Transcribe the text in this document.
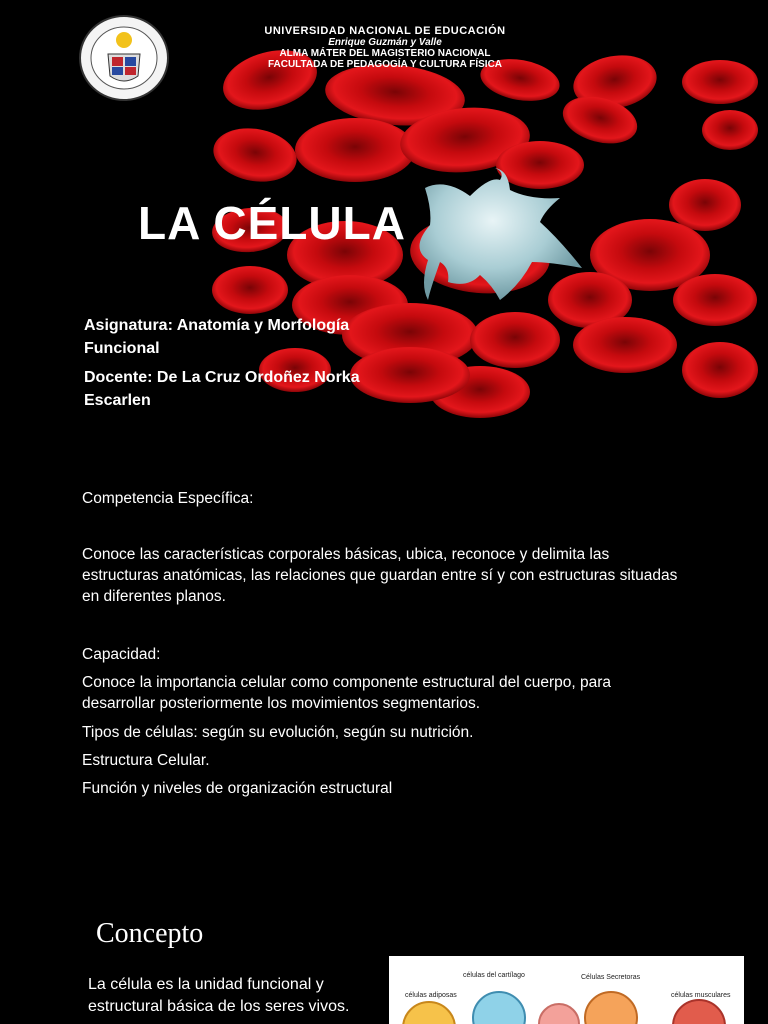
UNIVERSIDAD NACIONAL DE EDUCACIÓN
Enrique Guzmán y Valle
ALMA MÁTER DEL MAGISTERIO NACIONAL
FACULTADA DE PEDAGOGÍA Y CULTURA FÍSICA
LA CÉLULA
Asignatura: Anatomía y Morfología Funcional
Docente: De La Cruz Ordoñez Norka Escarlen
Competencia Específica:
Conoce las características corporales básicas, ubica, reconoce y delimita las estructuras anatómicas, las relaciones que guardan entre sí y con estructuras situadas en diferentes planos.
Capacidad:
Conoce la importancia celular como componente estructural del cuerpo, para desarrollar posteriormente los movimientos segmentarios.
Tipos de células: según su evolución, según su nutrición.
Estructura Celular.
Función y niveles de organización estructural
Concepto
La célula es la unidad funcional y estructural básica de los seres vivos.
células del cartílago	Células Secretoras
células adiposas	células musculares
